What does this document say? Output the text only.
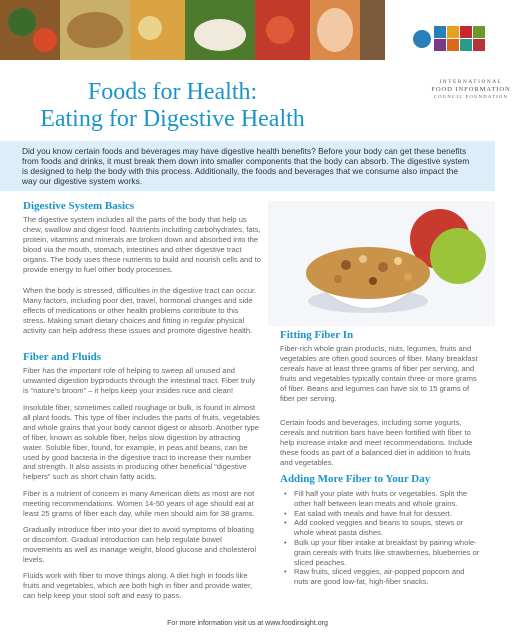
INTERNATIONAL
FOOD INFORMATION
COUNCIL FOUNDATION
Foods for Health:
Eating for Digestive Health

Did you know certain foods and beverages may have digestive health benefits? Before your body can get these benefits from foods and drinks, it must break them down into smaller components that the body can absorb. The digestive system is designed to help the body with this process. Additionally, the foods and beverages that we consume also impact the way our digestive system works.

Digestive System Basics

The digestive system includes all the parts of the body that help us chew, swallow and digest food. Nutrients including carbohydrates, fats, protein, vitamins and minerals are broken down and absorbed into the blood via the mouth, stomach, intestines and other digestive tract organs. The body uses these nutrients to build and nourish cells and to provide energy to fuel other body processes.

When the body is stressed, difficulties in the digestive tract can occur. Many factors, including poor diet, travel, hormonal changes and side effects of medications or other health problems contribute to this stress. Making smart dietary choices and fitting in regular physical activity can help address these issues and promote digestive health.

Fiber and Fluids

Fiber has the important role of helping to sweep all unused and unwanted digestion byproducts through the intestinal tract. Fiber truly is “nature’s broom” – it helps keep your insides nice and clean!

Insoluble fiber, sometimes called roughage or bulk, is found in almost all plant foods. This type of fiber includes the parts of fruits, vegetables and whole grains that your body cannot digest or absorb. Another type of fiber, known as soluble fiber, helps slow digestion by attracting water. Soluble fiber, found, for example, in peas and beans, can be used by good bacteria in the digestive tract to increase their number and strength. It also assists in producing other beneficial “digestive helpers” such as short chain fatty acids.

Fiber is a nutrient of concern in many American diets as most are not meeting recommendations. Women 14-50 years of age should eat at least 25 grams of fiber each day, while men should aim for 38 grams.

Gradually introduce fiber into your diet to avoid symptoms of bloating or discomfort. Gradual introduction can help regulate bowel movements as well as manage weight, blood glucose and cholesterol levels.

Fluids work with fiber to move things along. A diet high in foods like fruits and vegetables, which are both high in fiber and provide water, can help keep your stool soft and easy to pass.

Fitting Fiber In

Fiber-rich whole grain products, nuts, legumes, fruits and vegetables are often good sources of fiber. Many breakfast cereals have at least three grams of fiber per serving, and fruits and vegetables typically contain three or more grams of fiber. Beans and legumes can have six to 15 grams of fiber per serving.

Certain foods and beverages, including some yogurts, cereals and nutrition bars have been fortified with fiber to help increase intake and meet recommendations. Include these foods as part of a balanced diet in addition to fruits and vegetables.

Adding More Fiber to Your Day
• Fill half your plate with fruits or vegetables. Split the other half between lean meats and whole grains.
• Eat salad with meals and have fruit for dessert.
• Add cooked veggies and beans to soups, stews or whole wheat pasta dishes.
• Bulk up your fiber intake at breakfast by pairing whole-grain cereals with fruits like strawberries, blueberries or sliced peaches.
• Raw fruits, sliced veggies, air-popped popcorn and nuts are good low-fat, high-fiber snacks.
For more information visit us at www.foodinsight.org
